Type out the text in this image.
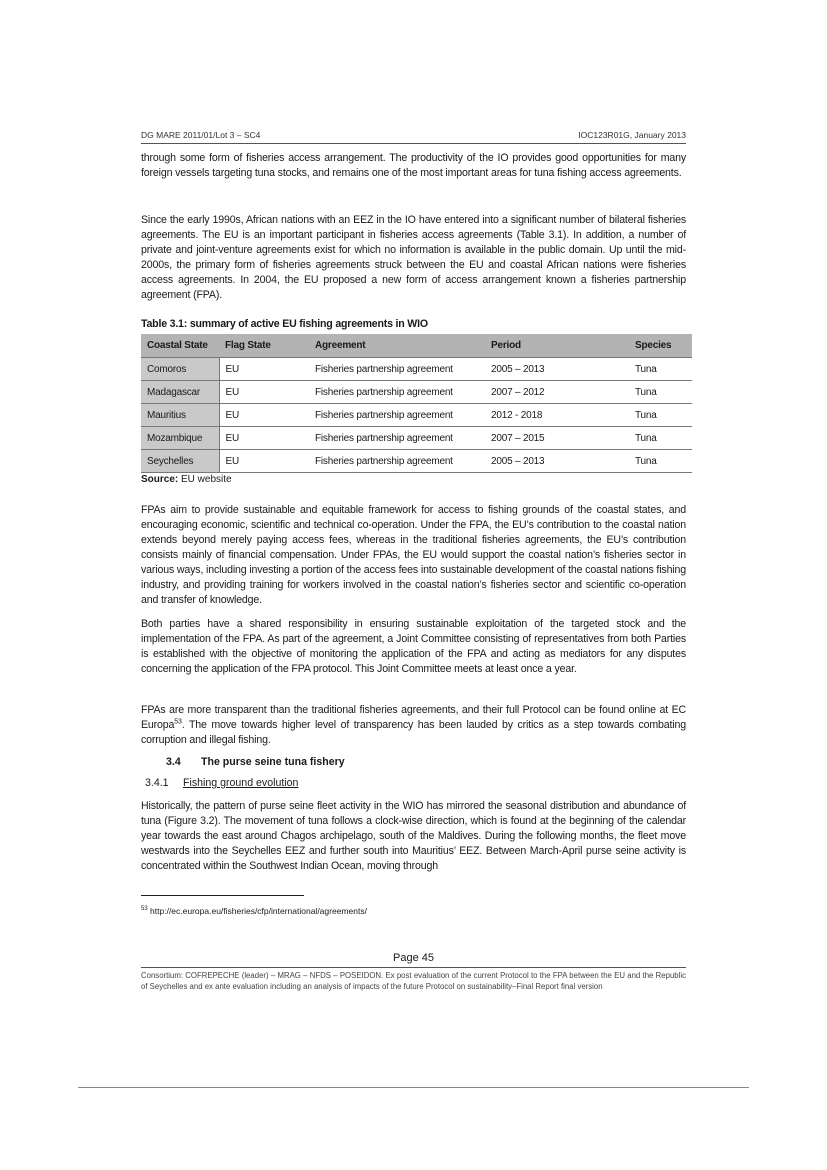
DG MARE 2011/01/Lot 3 – SC4	IOC123R01G, January 2013

through some form of fisheries access arrangement. The productivity of the IO provides good opportunities for many foreign vessels targeting tuna stocks, and remains one of the most important areas for tuna fishing access agreements.

Since the early 1990s, African nations with an EEZ in the IO have entered into a significant number of bilateral fisheries agreements. The EU is an important participant in fisheries access agreements (Table 3.1). In addition, a number of private and joint-venture agreements exist for which no information is available in the public domain. Up until the mid-2000s, the primary form of fisheries agreements struck between the EU and coastal African nations were fisheries access agreements. In 2004, the EU proposed a new form of access arrangement known a fisheries partnership agreement (FPA).

Table 3.1: summary of active EU fishing agreements in WIO
Coastal State	Flag State	Agreement	Period	Species
Comoros	EU	Fisheries partnership agreement	2005 – 2013	Tuna
Madagascar	EU	Fisheries partnership agreement	2007 – 2012	Tuna
Mauritius	EU	Fisheries partnership agreement	2012 - 2018	Tuna
Mozambique	EU	Fisheries partnership agreement	2007 – 2015	Tuna
Seychelles	EU	Fisheries partnership agreement	2005 – 2013	Tuna
Source: EU website

FPAs aim to provide sustainable and equitable framework for access to fishing grounds of the coastal states, and encouraging economic, scientific and technical co-operation. Under the FPA, the EU’s contribution to the coastal nation extends beyond merely paying access fees, whereas in the traditional fisheries agreements, the EU’s contribution consists mainly of financial compensation. Under FPAs, the EU would support the coastal nation’s fisheries sector in various ways, including investing a portion of the access fees into sustainable development of the coastal nations fishing industry, and providing training for workers involved in the coastal nation’s fisheries sector and scientific co-operation and transfer of knowledge.

Both parties have a shared responsibility in ensuring sustainable exploitation of the targeted stock and the implementation of the FPA. As part of the agreement, a Joint Committee consisting of representatives from both Parties is established with the objective of monitoring the application of the FPA and acting as mediators for any disputes concerning the application of the FPA protocol. This Joint Committee meets at least once a year.

FPAs are more transparent than the traditional fisheries agreements, and their full Protocol can be found online at EC Europa$^{53}$. The move towards higher level of transparency has been lauded by critics as a step towards combating corruption and illegal fishing.

3.4 The purse seine tuna fishery
3.4.1 Fishing ground evolution

Historically, the pattern of purse seine fleet activity in the WIO has mirrored the seasonal distribution and abundance of tuna (Figure 3.2). The movement of tuna follows a clock-wise direction, which is found at the beginning of the calendar year towards the east around Chagos archipelago, south of the Maldives. During the following months, the fleet move westwards into the Seychelles EEZ and further south into Mauritius’ EEZ. Between March-April purse seine activity is concentrated within the Southwest Indian Ocean, moving through

$^{53}$ http://ec.europa.eu/fisheries/cfp/international/agreements/
Page 45
Consortium: COFREPECHE (leader) – MRAG – NFDS – POSEIDON. Ex post evaluation of the current Protocol to the FPA between the EU and the Republic of Seychelles and ex ante evaluation including an analysis of impacts of the future Protocol on sustainability–Final Report final version
